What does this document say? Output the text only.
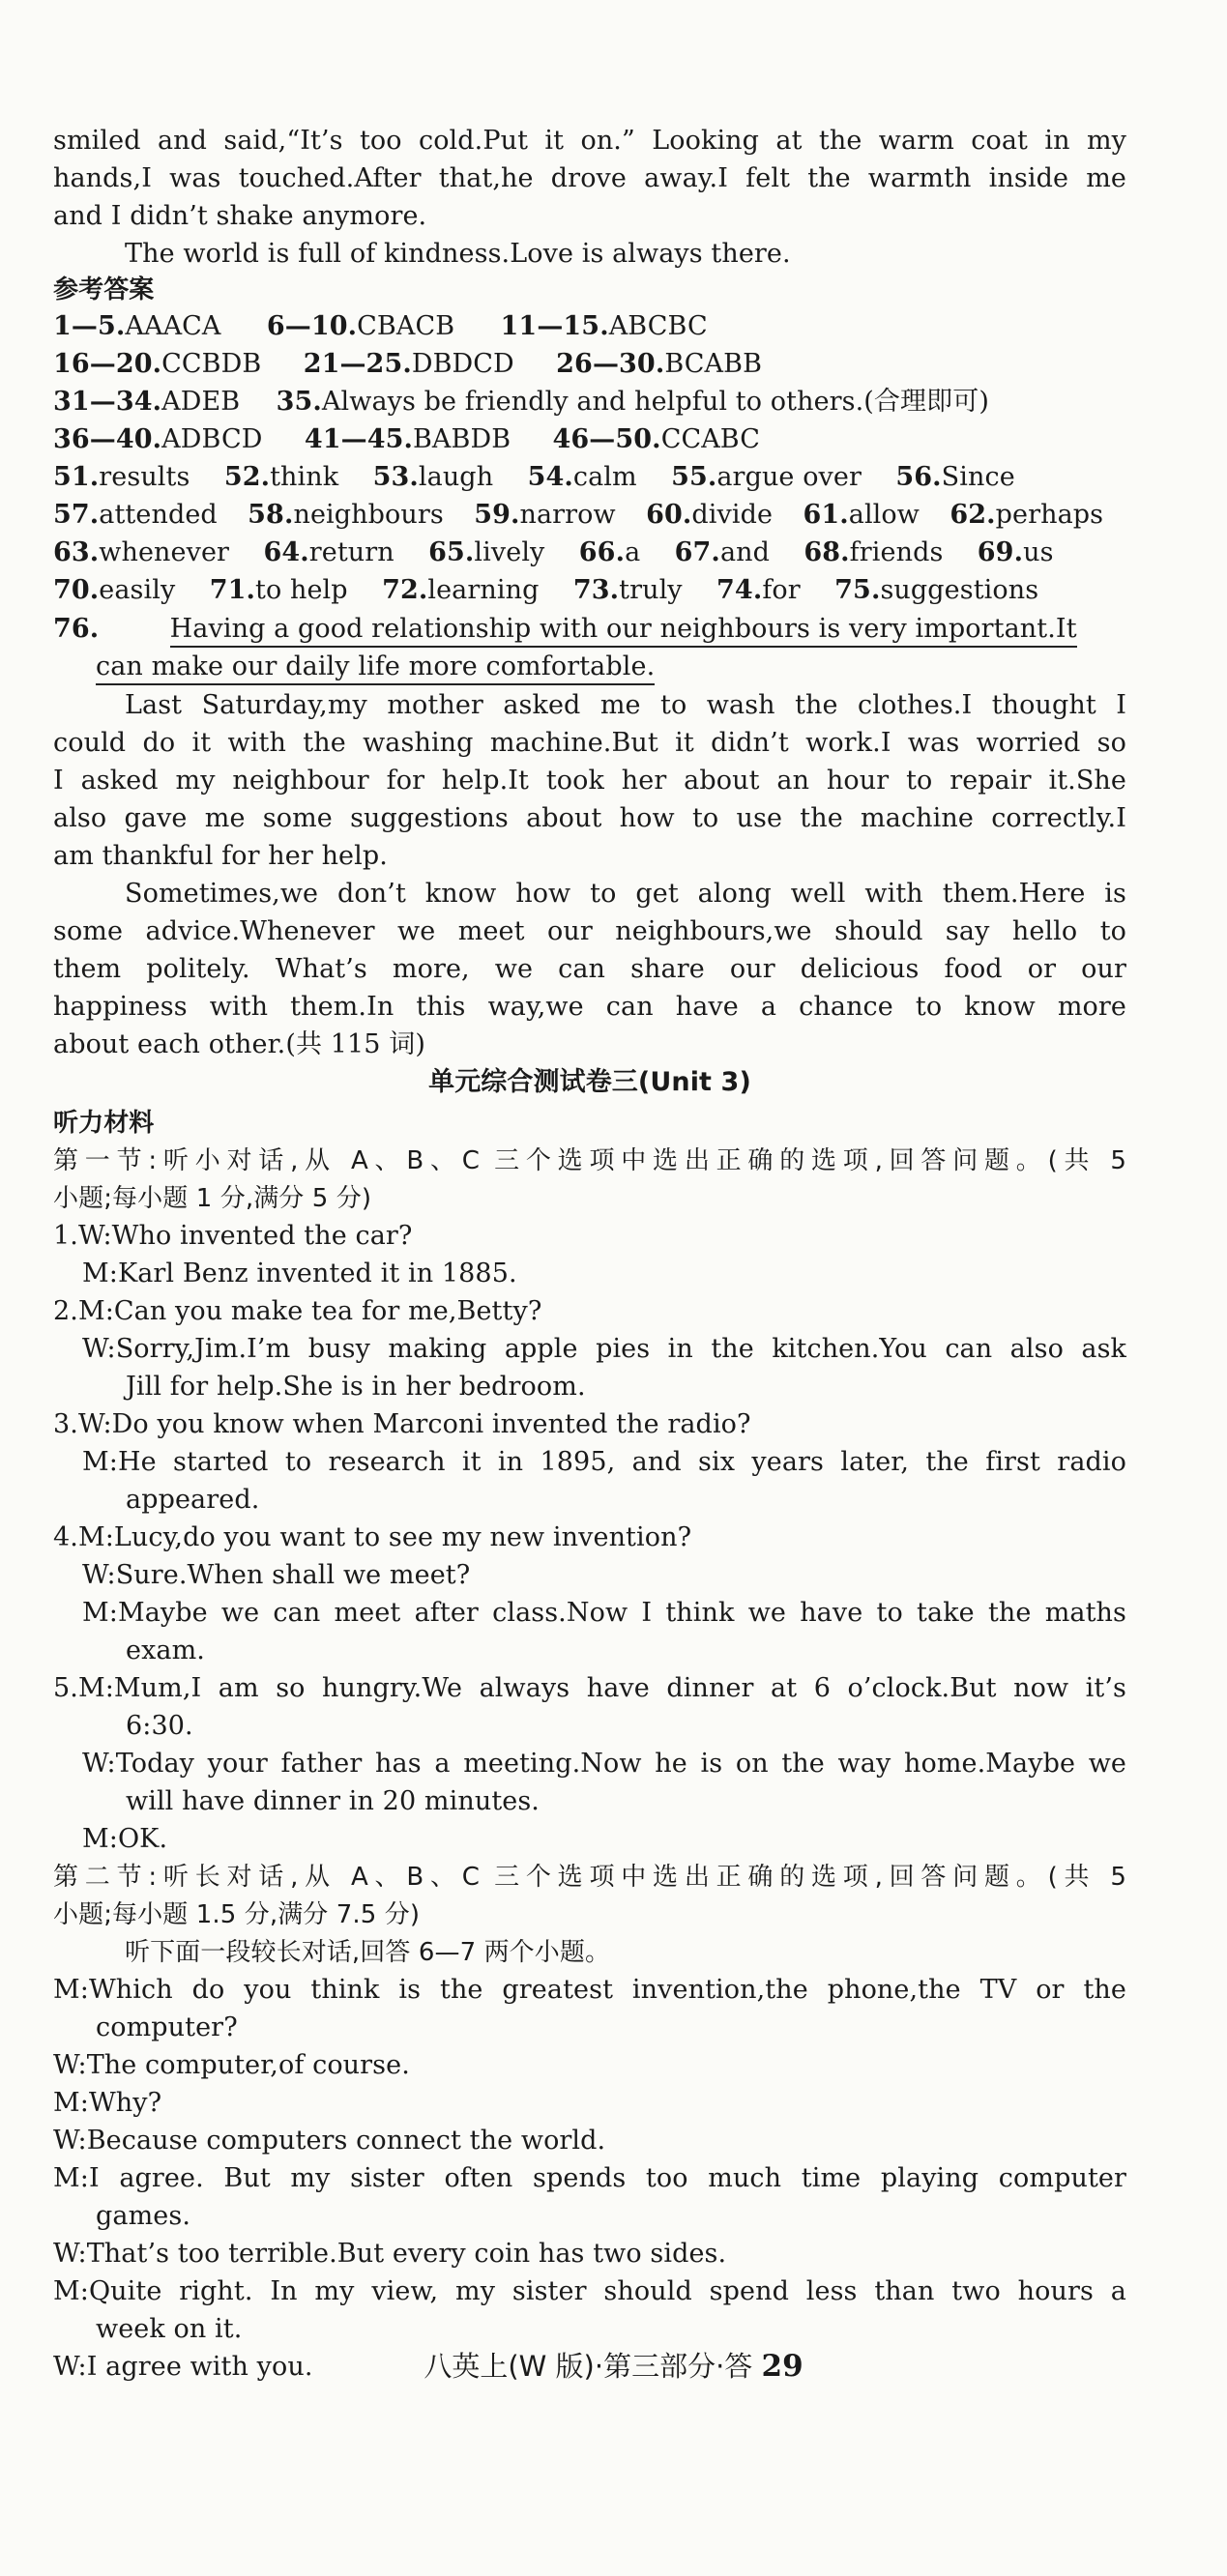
smiled and said,“It’s too cold.Put it on.” Looking at the warm coat in my
hands,I was touched.After that,he drove away.I felt the warmth inside me
and I didn’t shake anymore.
The world is full of kindness.Love is always there.
参考答案
1—5.AAACA 6—10.CBACB 11—15.ABCBC
16—20.CCBDB 21—25.DBDCD 26—30.BCABB
31—34.ADEB 35.Always be friendly and helpful to others.(合理即可)
36—40.ADBCD 41—45.BABDB 46—50.CCABC
51.results 52.think 53.laugh 54.calm 55.argue over 56.Since
57.attended 58.neighbours 59.narrow 60.divide 61.allow 62.perhaps
63.whenever 64.return 65.lively 66.a 67.and 68.friends 69.us
70.easily 71.to help 72.learning 73.truly 74.for 75.suggestions
76.	Having a good relationship with our neighbours is very important.It
can make our daily life more comfortable.
Last Saturday,my mother asked me to wash the clothes.I thought I
could do it with the washing machine.But it didn’t work.I was worried so
I asked my neighbour for help.It took her about an hour to repair it.She
also gave me some suggestions about how to use the machine correctly.I
am thankful for her help.
Sometimes,we don’t know how to get along well with them.Here is
some advice.Whenever we meet our neighbours,we should say hello to
them politely. What’s more, we can share our delicious food or our
happiness with them.In this way,we can have a chance to know more
about each other.(共 115 词)
单元综合测试卷三(Unit 3)
听力材料
第一节:听小对话,从 A、B、C 三个选项中选出正确的选项,回答问题。(共 5
小题;每小题 1 分,满分 5 分)
1.W:Who invented the car?
M:Karl Benz invented it in 1885.
2.M:Can you make tea for me,Betty?
W:Sorry,Jim.I’m busy making apple pies in the kitchen.You can also ask
Jill for help.She is in her bedroom.
3.W:Do you know when Marconi invented the radio?
M:He started to research it in 1895, and six years later, the first radio
appeared.
4.M:Lucy,do you want to see my new invention?
W:Sure.When shall we meet?
M:Maybe we can meet after class.Now I think we have to take the maths
exam.
5.M:Mum,I am so hungry.We always have dinner at 6 o’clock.But now it’s
6:30.
W:Today your father has a meeting.Now he is on the way home.Maybe we
will have dinner in 20 minutes.
M:OK.
第二节:听长对话,从 A、B、C 三个选项中选出正确的选项,回答问题。(共 5
小题;每小题 1.5 分,满分 7.5 分)
听下面一段较长对话,回答 6—7 两个小题。
M:Which do you think is the greatest invention,the phone,the TV or the
computer?
W:The computer,of course.
M:Why?
W:Because computers connect the world.
M:I agree. But my sister often spends too much time playing computer
games.
W:That’s too terrible.But every coin has two sides.
M:Quite right. In my view, my sister should spend less than two hours a
week on it.
W:I agree with you.	八英上(W 版)·第三部分·答 29
